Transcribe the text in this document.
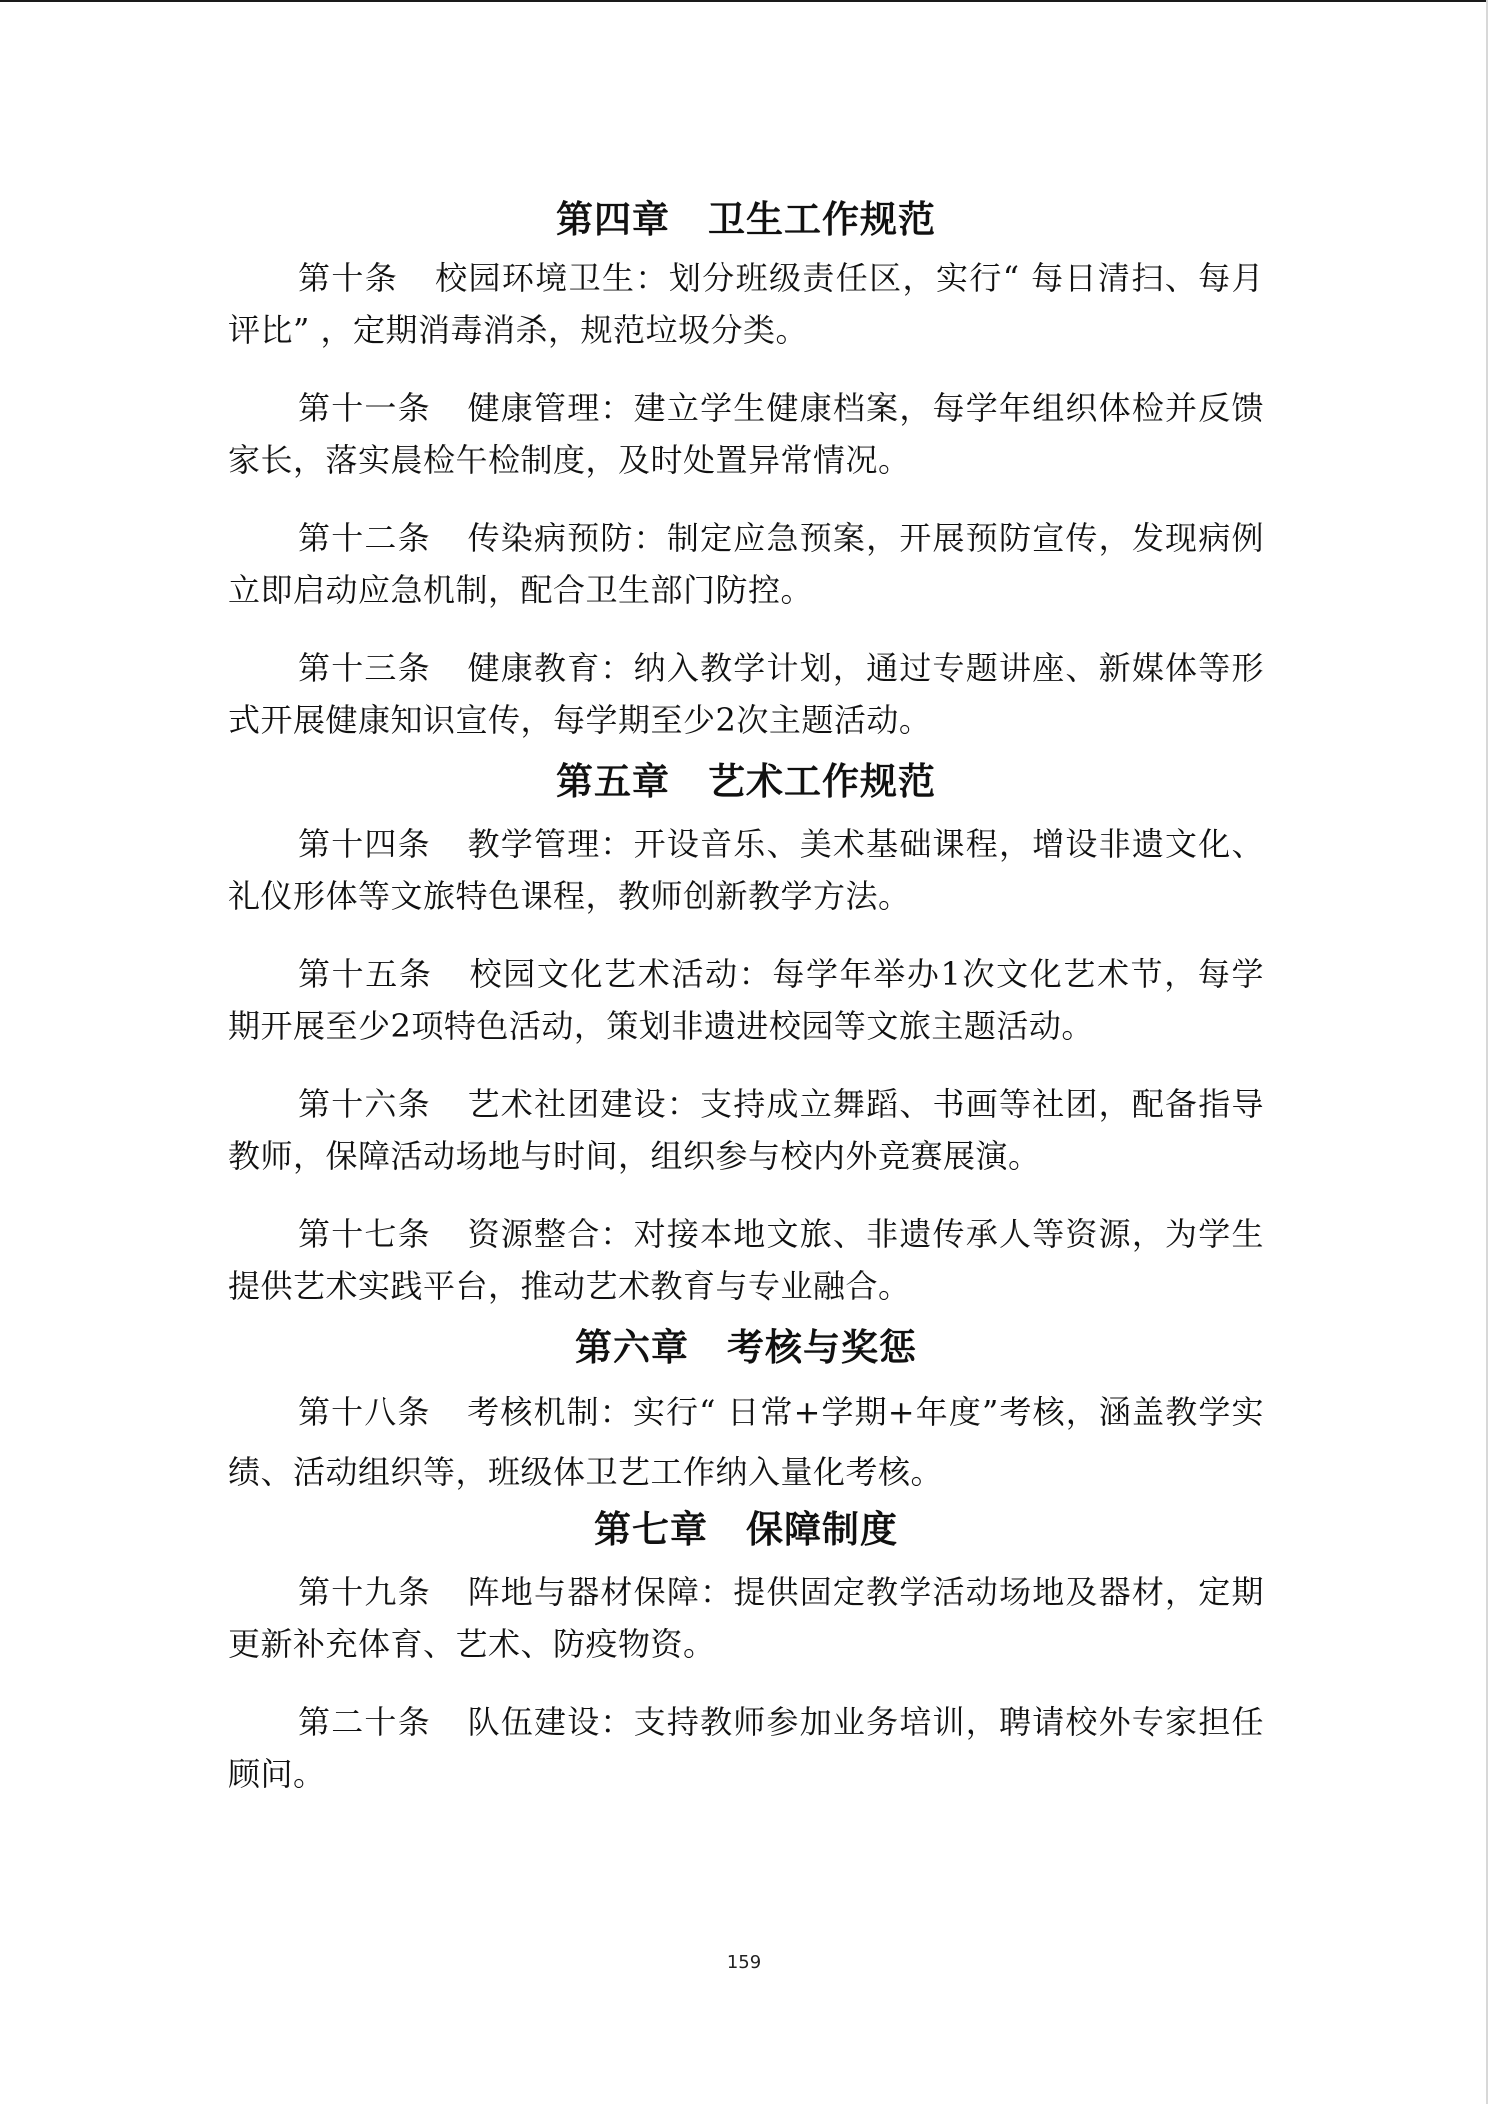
第四章 卫生工作规范

第十条 校园环境卫生：划分班级责任区，实行“ 每日清扫、每月评比” ，定期消毒消杀，规范垃圾分类。

第十一条 健康管理：建立学生健康档案，每学年组织体检并反馈家长，落实晨检午检制度，及时处置异常情况。

第十二条 传染病预防：制定应急预案，开展预防宣传，发现病例立即启动应急机制，配合卫生部门防控。

第十三条 健康教育：纳入教学计划，通过专题讲座、新媒体等形式开展健康知识宣传，每学期至少2次主题活动。

第五章 艺术工作规范

第十四条 教学管理：开设音乐、美术基础课程，增设非遗文化、礼仪形体等文旅特色课程，教师创新教学方法。

第十五条 校园文化艺术活动：每学年举办1次文化艺术节，每学期开展至少2项特色活动，策划非遗进校园等文旅主题活动。

第十六条 艺术社团建设：支持成立舞蹈、书画等社团，配备指导教师，保障活动场地与时间，组织参与校内外竞赛展演。

第十七条 资源整合：对接本地文旅、非遗传承人等资源，为学生提供艺术实践平台，推动艺术教育与专业融合。

第六章 考核与奖惩

第十八条 考核机制：实行“ 日常+学期+年度”考核，涵盖教学实绩、活动组织等，班级体卫艺工作纳入量化考核。

第七章 保障制度

第十九条 阵地与器材保障：提供固定教学活动场地及器材，定期更新补充体育、艺术、防疫物资。

第二十条 队伍建设：支持教师参加业务培训，聘请校外专家担任顾问。

159
